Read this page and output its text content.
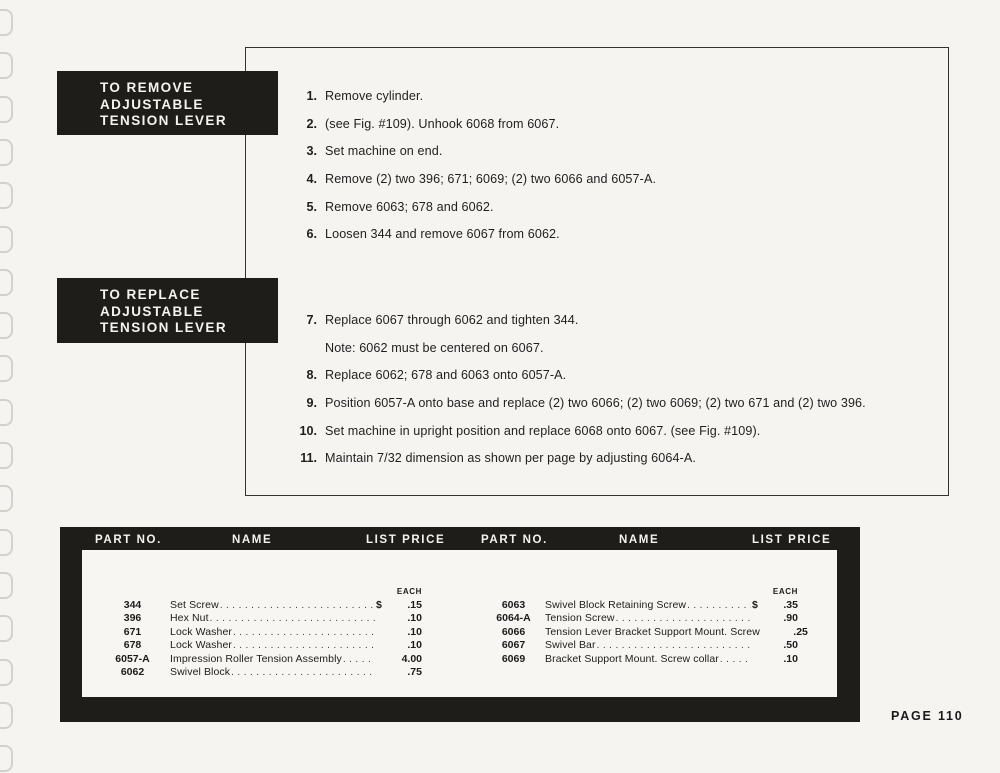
TO REMOVE
ADJUSTABLE
TENSION LEVER
TO REPLACE
ADJUSTABLE
TENSION LEVER
1. Remove cylinder.
2. (see Fig. #109). Unhook 6068 from 6067.
3. Set machine on end.
4. Remove (2) two 396; 671; 6069; (2) two 6066 and 6057-A.
5. Remove 6063; 678 and 6062.
6. Loosen 344 and remove 6067 from 6062.
7. Replace 6067 through 6062 and tighten 344.
Note: 6062 must be centered on 6067.
8. Replace 6062; 678 and 6063 onto 6057-A.
9. Position 6057-A onto base and replace (2) two 6066; (2) two 6069; (2) two 671 and (2) two 396.
10. Set machine in upright position and replace 6068 onto 6067. (see Fig. #109).
11. Maintain 7/32 dimension as shown per page by adjusting 6064-A.
PART NO.	NAME	LIST PRICE	PART NO.	NAME	LIST PRICE
EACH
344	Set Screw .....	$	.15
396	Hex Nut .....	.10
671	Lock Washer .....	.10
678	Lock Washer .....	.10
6057-A	Impression Roller Tension Assembly .....	4.00
6062	Swivel Block .....	.75
EACH
6063	Swivel Block Retaining Screw .....	$	.35
6064-A	Tension Screw .....	.90
6066	Tension Lever Bracket Support Mount. Screw	.25
6067	Swivel Bar .....	.50
6069	Bracket Support Mount. Screw collar .....	.10
PAGE 110
